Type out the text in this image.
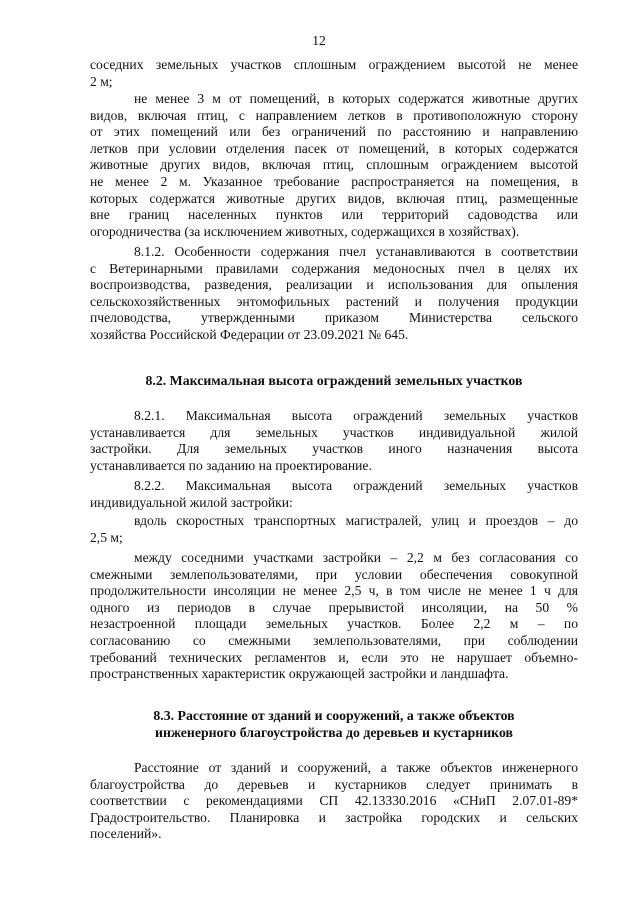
12
соседних земельных участков сплошным ограждением высотой не менее
2 м;
не менее 3 м от помещений, в которых содержатся животные других
видов, включая птиц, с направлением летков в противоположную сторону
от этих помещений или без ограничений по расстоянию и направлению
летков при условии отделения пасек от помещений, в которых содержатся
животные других видов, включая птиц, сплошным ограждением высотой
не менее 2 м. Указанное требование распространяется на помещения, в
которых содержатся животные других видов, включая птиц, размещенные
вне границ населенных пунктов или территорий садоводства или
огородничества (за исключением животных, содержащихся в хозяйствах).
8.1.2. Особенности содержания пчел устанавливаются в соответствии
с Ветеринарными правилами содержания медоносных пчел в целях их
воспроизводства, разведения, реализации и использования для опыления
сельскохозяйственных энтомофильных растений и получения продукции
пчеловодства, утвержденными приказом Министерства сельского
хозяйства Российской Федерации от 23.09.2021 № 645.
8.2. Максимальная высота ограждений земельных участков
8.2.1. Максимальная высота ограждений земельных участков
устанавливается для земельных участков индивидуальной жилой
застройки. Для земельных участков иного назначения высота
устанавливается по заданию на проектирование.
8.2.2. Максимальная высота ограждений земельных участков
индивидуальной жилой застройки:
вдоль скоростных транспортных магистралей, улиц и проездов – до
2,5 м;
между соседними участками застройки – 2,2 м без согласования со
смежными землепользователями, при условии обеспечения совокупной
продолжительности инсоляции не менее 2,5 ч, в том числе не менее 1 ч для
одного из периодов в случае прерывистой инсоляции, на 50 %
незастроенной площади земельных участков. Более 2,2 м – по
согласованию со смежными землепользователями, при соблюдении
требований технических регламентов и, если это не нарушает объемно-
пространственных характеристик окружающей застройки и ландшафта.
8.3. Расстояние от зданий и сооружений, а также объектов
инженерного благоустройства до деревьев и кустарников
Расстояние от зданий и сооружений, а также объектов инженерного
благоустройства до деревьев и кустарников следует принимать в
соответствии с рекомендациями СП 42.13330.2016 «СНиП 2.07.01-89*
Градостроительство. Планировка и застройка городских и сельских
поселений».
